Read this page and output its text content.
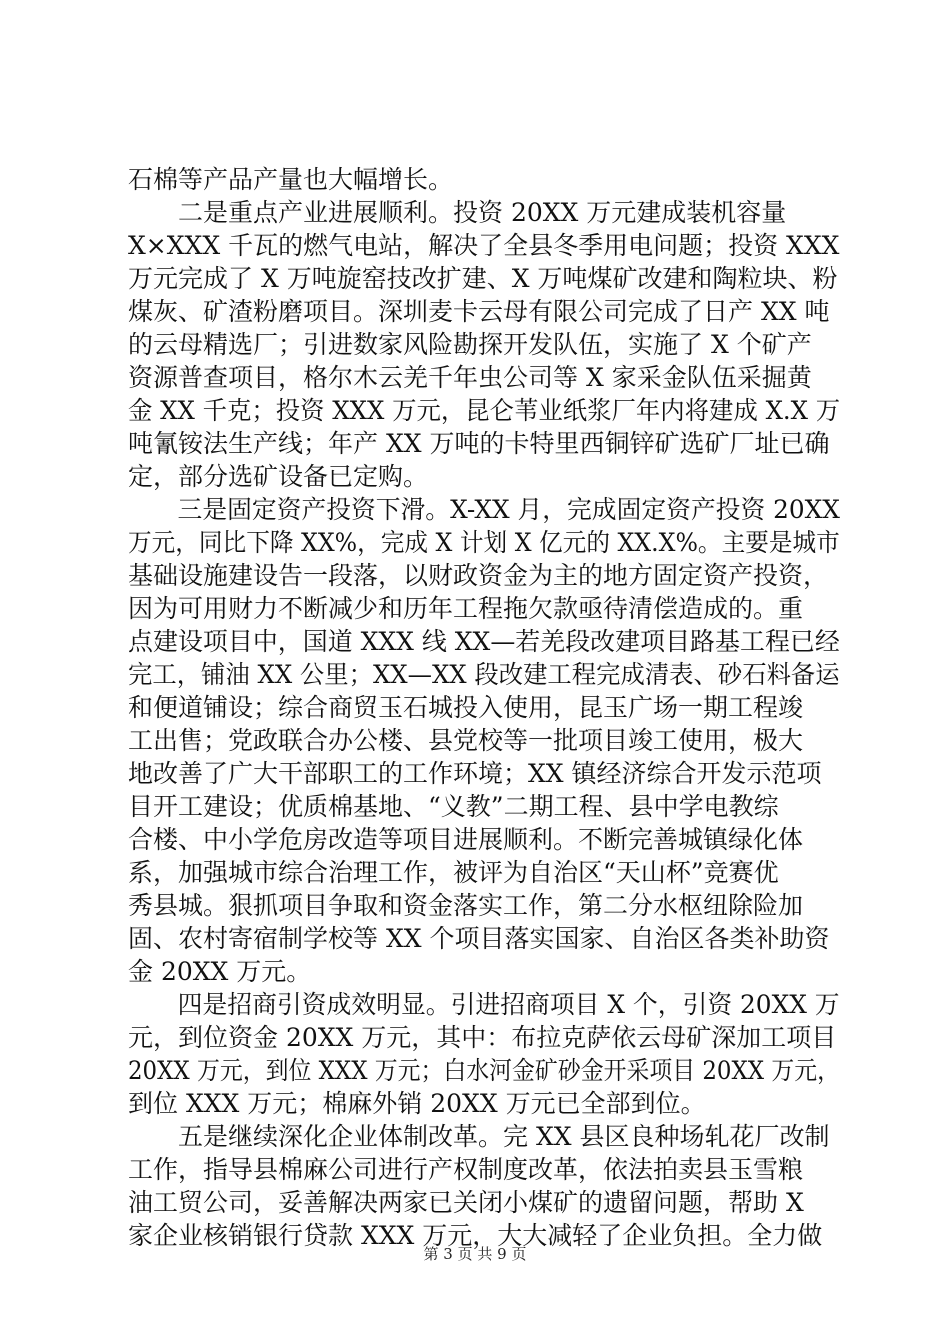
石棉等产品产量也大幅增长。
二是重点产业进展顺利。投资 20XX 万元建成装机容量
X×XXX 千瓦的燃气电站，解决了全县冬季用电问题；投资 XXX
万元完成了 X 万吨旋窑技改扩建、X 万吨煤矿改建和陶粒块、粉
煤灰、矿渣粉磨项目。深圳麦卡云母有限公司完成了日产 XX 吨
的云母精选厂；引进数家风险勘探开发队伍，实施了 X 个矿产
资源普查项目，格尔木云羌千年虫公司等 X 家采金队伍采掘黄
金 XX 千克；投资 XXX 万元，昆仑苇业纸浆厂年内将建成 X.X 万
吨氰铵法生产线；年产 XX 万吨的卡特里西铜锌矿选矿厂址已确
定，部分选矿设备已定购。
三是固定资产投资下滑。X-XX 月，完成固定资产投资 20XX
万元，同比下降 XX%，完成 X 计划 X 亿元的 XX.X%。主要是城市
基础设施建设告一段落，以财政资金为主的地方固定资产投资，
因为可用财力不断减少和历年工程拖欠款亟待清偿造成的。重
点建设项目中，国道 XXX 线 XX—若羌段改建项目路基工程已经
完工，铺油 XX 公里；XX—XX 段改建工程完成清表、砂石料备运
和便道铺设；综合商贸玉石城投入使用，昆玉广场一期工程竣
工出售；党政联合办公楼、县党校等一批项目竣工使用，极大
地改善了广大干部职工的工作环境；XX 镇经济综合开发示范项
目开工建设；优质棉基地、“义教”二期工程、县中学电教综
合楼、中小学危房改造等项目进展顺利。不断完善城镇绿化体
系，加强城市综合治理工作，被评为自治区“天山杯”竞赛优
秀县城。狠抓项目争取和资金落实工作，第二分水枢纽除险加
固、农村寄宿制学校等 XX 个项目落实国家、自治区各类补助资
金 20XX 万元。
四是招商引资成效明显。引进招商项目 X 个，引资 20XX 万
元，到位资金 20XX 万元，其中：布拉克萨依云母矿深加工项目
20XX 万元，到位 XXX 万元；白水河金矿砂金开采项目 20XX 万元，
到位 XXX 万元；棉麻外销 20XX 万元已全部到位。
五是继续深化企业体制改革。完 XX 县区良种场轧花厂改制
工作，指导县棉麻公司进行产权制度改革，依法拍卖县玉雪粮
油工贸公司，妥善解决两家已关闭小煤矿的遗留问题，帮助 X
家企业核销银行贷款 XXX 万元，大大减轻了企业负担。全力做
第 3 页 共 9 页
